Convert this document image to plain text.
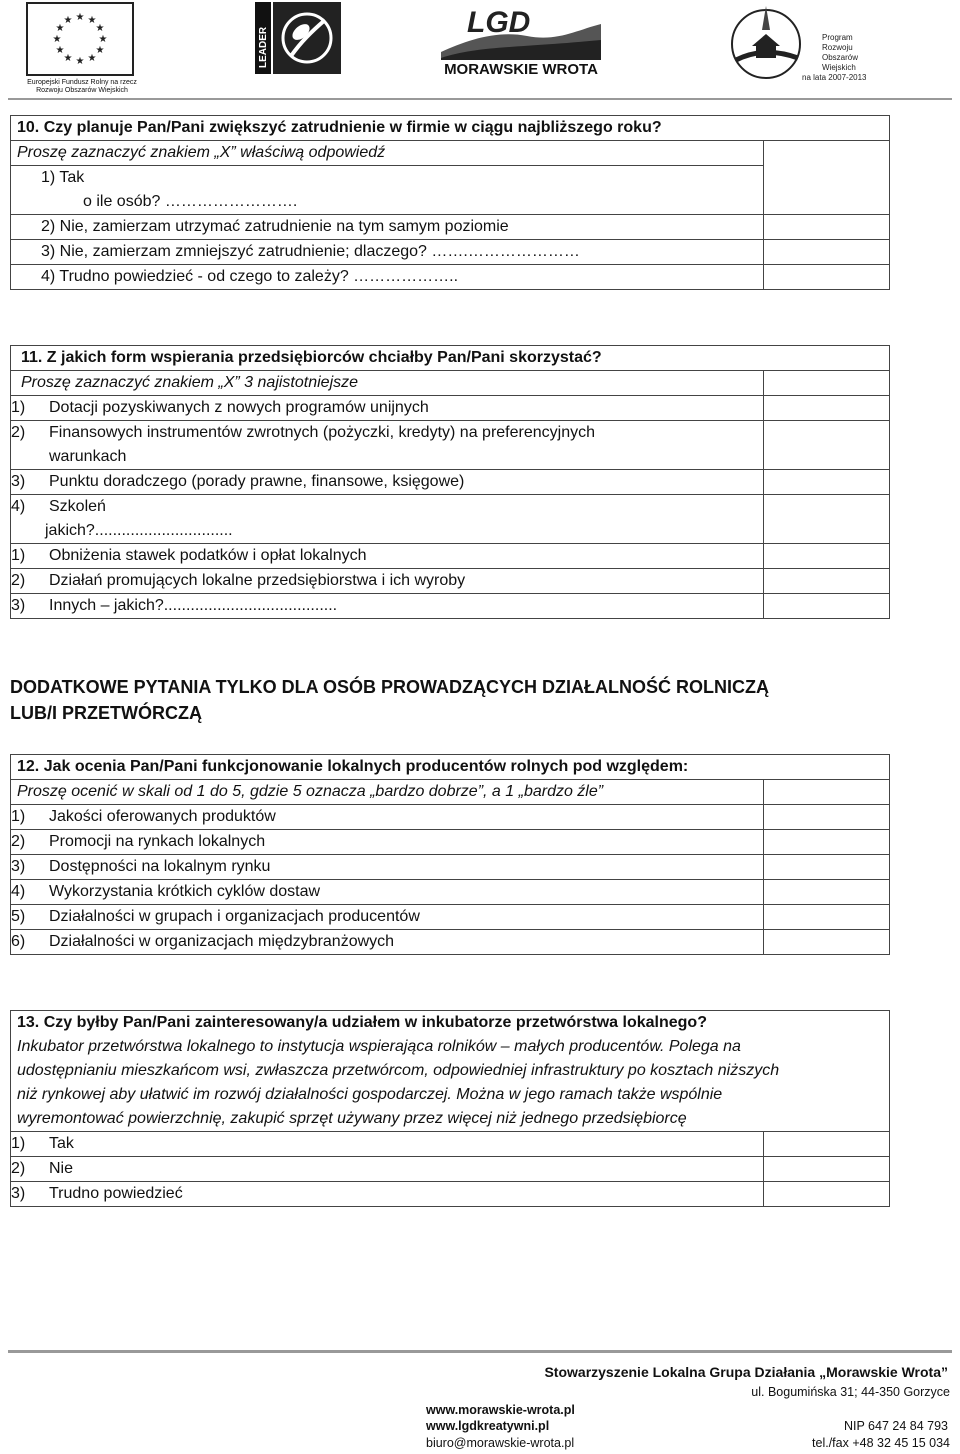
★ ★
★
★
★
★
★
★
★
★
★
★
Europejski Fundusz Rolny na rzecz Rozwoju Obszarów Wiejskich
LEADER
LGD
MORAWSKIE WROTA
Program
Rozwoju
Obszarów
Wiejskich
na lata 2007-2013
10. Czy planuje Pan/Pani zwiększyć zatrudnienie w firmie w ciągu najbliższego roku?	
Proszę zaznaczyć znakiem „X” właściwą odpowiedź	

1) Tak
o ile osób? …………………….	

2) Nie, zamierzam utrzymać zatrudnienie na tym samym poziomie	
3) Nie, zamierzam zmniejszyć zatrudnienie; dlaczego? …….…………………	
4) Trudno powiedzieć - od czego to zależy? ………………..	
11. Z jakich form wspierania przedsiębiorców chciałby Pan/Pani skorzystać?	
Proszę zaznaczyć znakiem „X” 3 najistotniejsze	
1) Dotacji pozyskiwanych z nowych programów unijnych	

2) Finansowych instrumentów zwrotnych (pożyczki, kredyty) na preferencyjnych
warunkach	

3) Punktu doradczego (porady prawne, finansowe, księgowe)	

4) Szkoleń
jakich?...............................	

1) Obniżenia stawek podatków i opłat lokalnych	
2) Działań promujących lokalne przedsiębiorstwa i ich wyroby	
3) Innych – jakich?.......................................	
DODATKOWE PYTANIA TYLKO DLA OSÓB PROWADZĄCYCH DZIAŁALNOŚĆ ROLNICZĄ
LUB/I PRZETWÓRCZĄ
12. Jak ocenia Pan/Pani funkcjonowanie lokalnych producentów rolnych pod względem:	
Proszę ocenić w skali od 1 do 5, gdzie 5 oznacza „bardzo dobrze”, a 1 „bardzo źle”	
1) Jakości oferowanych produktów	
2) Promocji na rynkach lokalnych	
3) Dostępności na lokalnym rynku	
4) Wykorzystania krótkich cyklów dostaw	
5) Działalności w grupach i organizacjach producentów	
6) Działalności w organizacjach międzybranżowych	
13. Czy byłby Pan/Pani zainteresowany/a udziałem w inkubatorze przetwórstwa lokalnego?
Inkubator przetwórstwa lokalnego to instytucja wspierająca rolników – małych producentów. Polega na
udostępnianiu mieszkańcom wsi, zwłaszcza przetwórcom, odpowiedniej infrastruktury po kosztach niższych
niż rynkowej aby ułatwić im rozwój działalności gospodarczej. Można w jego ramach także wspólnie
wyremontować powierzchnię, zakupić sprzęt używany przez więcej niż jednego przedsiębiorcę	

1) Tak	
2) Nie	
3) Trudno powiedzieć	
Stowarzyszenie Lokalna Grupa Działania „Morawskie Wrota”
ul. Bogumińska 31; 44-350 Gorzyce
www.morawskie-wrota.pl
www.lgdkreatywni.pl
biuro@morawskie-wrota.pl
NIP 647 24 84 793
tel./fax +48 32 45 15 034
